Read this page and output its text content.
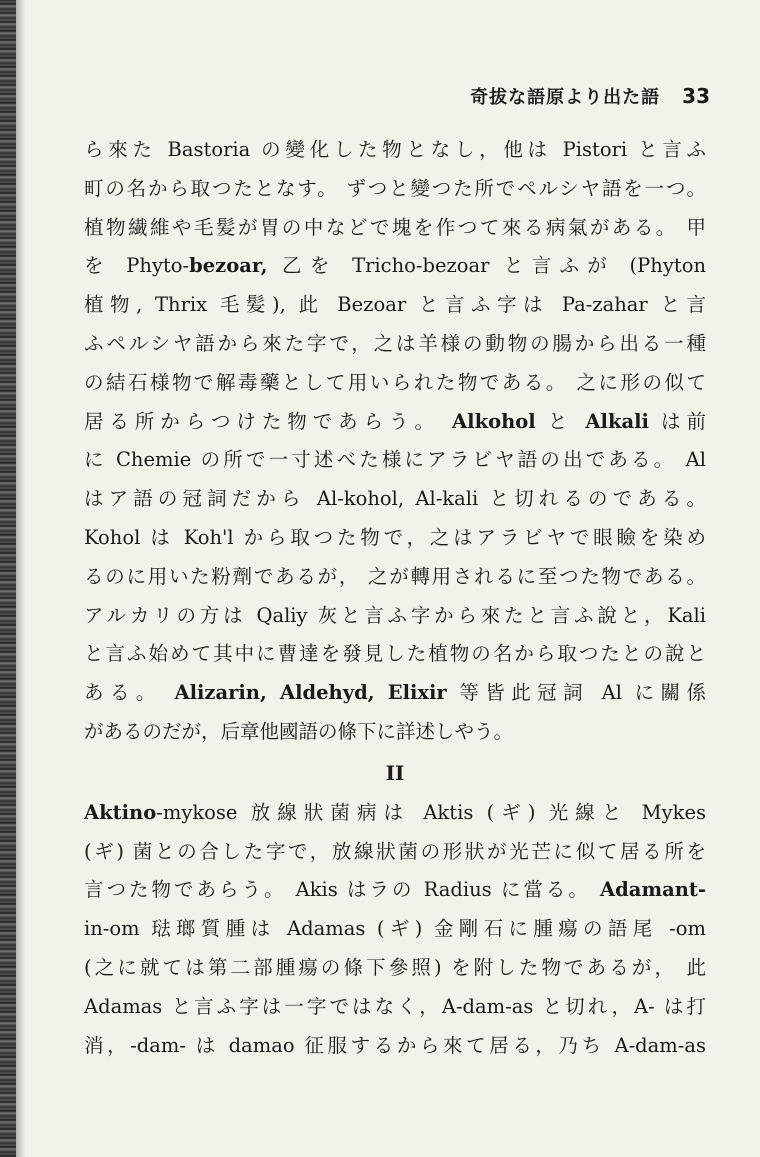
奇拔な語原より出た語 33
ら來た Bastoria の變化した物となし，他は Pistori と言ふ
町の名から取つたとなす。 ずつと變つた所でペルシヤ語を一つ。
植物繊維や毛髪が胃の中などで塊を作つて來る病氣がある。 甲
を Phyto-bezoar, 乙を Tricho-bezoar と言ふが (Phyton
植物, Thrix 毛髪), 此 Bezoar と言ふ字は Pa-zahar と言
ふペルシヤ語から來た字で，之は羊様の動物の腸から出る一種
の結石様物で解毒藥として用いられた物である。 之に形の似て
居る所からつけた物であらう。 Alkohol と Alkali は前
に Chemie の所で一寸述べた様にアラビヤ語の出である。 Al
はア語の冠詞だから Al-kohol, Al-kali と切れるのである。
Kohol は Koh'l から取つた物で，之はアラビヤで眼瞼を染め
るのに用いた粉劑であるが， 之が轉用されるに至つた物である。
アルカリの方は Qaliy 灰と言ふ字から來たと言ふ說と，Kali
と言ふ始めて其中に曹達を發見した植物の名から取つたとの說と
ある。 Alizarin, Aldehyd, Elixir 等皆此冠詞 Al に關係
があるのだが，后章他國語の條下に詳述しやう。
II
Aktino-mykose 放線狀菌病は Aktis (ギ) 光線と Mykes
(ギ) 菌との合した字で，放線狀菌の形狀が光芒に似て居る所を
言つた物であらう。 Akis はラの Radius に當る。 Adamant-
in-om 琺瑯質腫は Adamas (ギ) 金剛石に腫瘍の語尾 -om
(之に就ては第二部腫瘍の條下參照) を附した物であるが， 此
Adamas と言ふ字は一字ではなく，A-dam-as と切れ，A- は打
消，-dam- は damao 征服するから來て居る，乃ち A-dam-as
